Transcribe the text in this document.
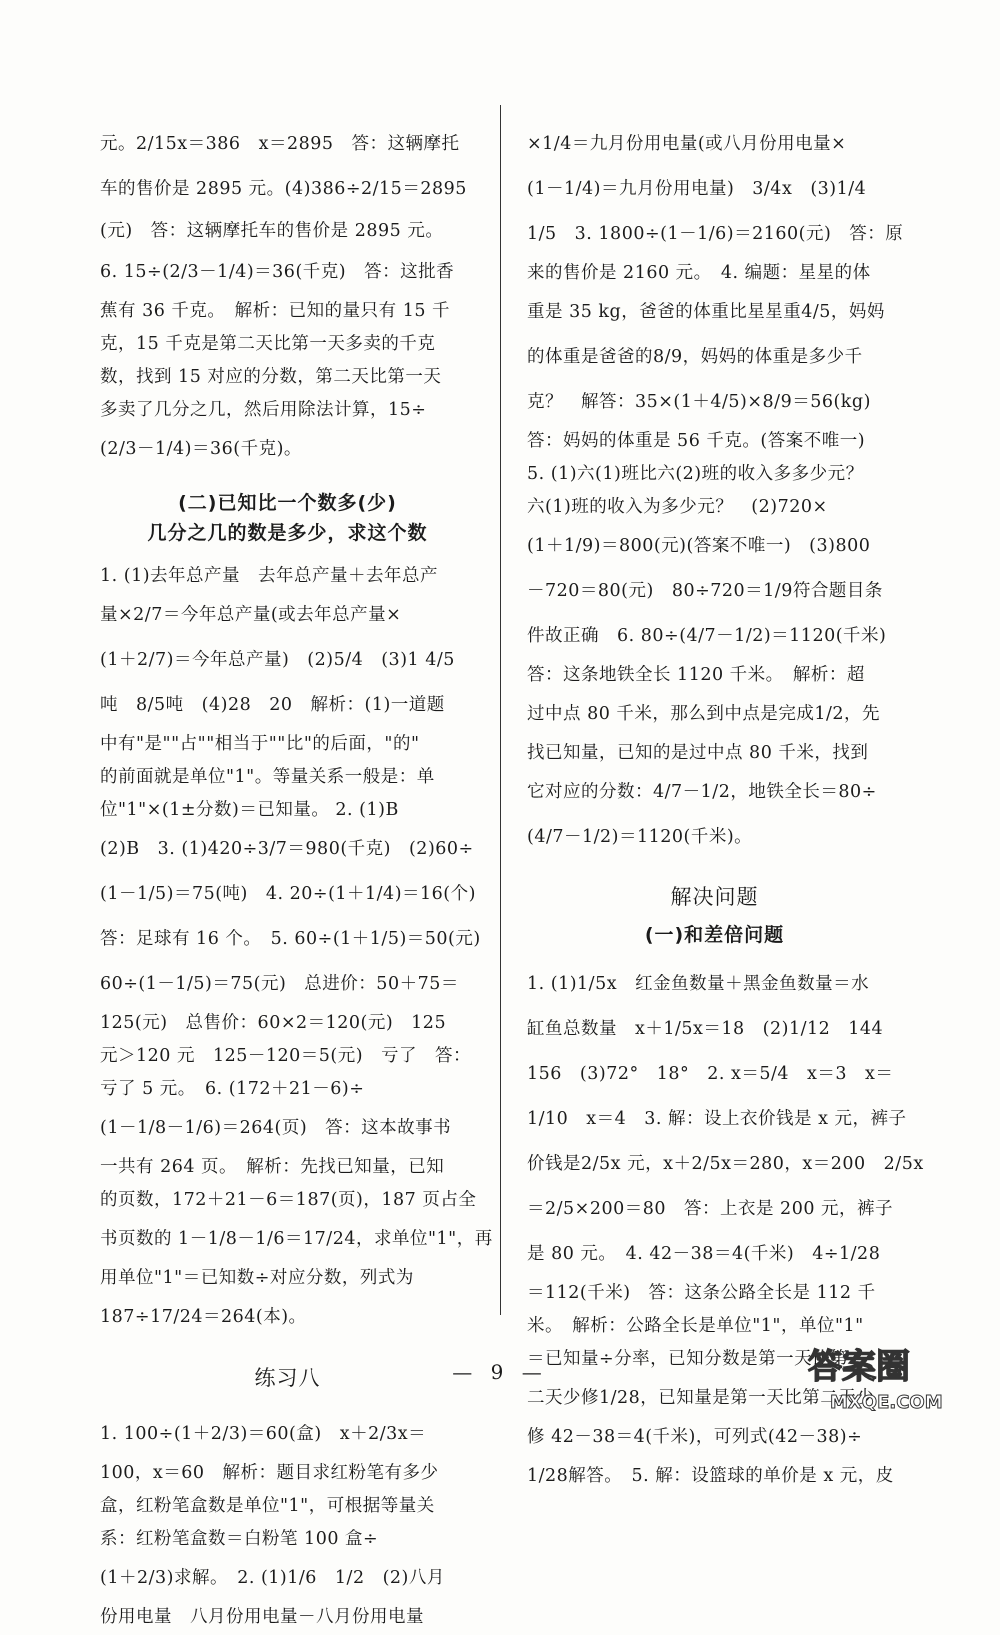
元。2/15x＝386　x＝2895　答：这辆摩托

车的售价是 2895 元。(4)386÷2/15＝2895

(元)　答：这辆摩托车的售价是 2895 元。

6. 15÷(2/3－1/4)＝36(千克)　答：这批香

蕉有 36 千克。　解析：已知的量只有 15 千

克，15 千克是第二天比第一天多卖的千克

数，找到 15 对应的分数，第二天比第一天

多卖了几分之几，然后用除法计算，15÷

(2/3－1/4)＝36(千克)。

(二)已知比一个数多(少)
几分之几的数是多少，求这个数

1. (1)去年总产量　去年总产量＋去年总产

量×2/7＝今年总产量(或去年总产量×

(1＋2/7)＝今年总产量)　(2)5/4　(3)1 4/5

吨　8/5吨　(4)28　20　解析：(1)一道题

中有"是""占""相当于""比"的后面，"的"

的前面就是单位"1"。等量关系一般是：单

位"1"×(1±分数)＝已知量。 2. (1)B

(2)B　3. (1)420÷3/7＝980(千克)　(2)60÷

(1－1/5)＝75(吨)　4. 20÷(1＋1/4)＝16(个)

答：足球有 16 个。　5. 60÷(1＋1/5)＝50(元)

60÷(1－1/5)＝75(元)　总进价：50＋75＝

125(元)　总售价：60×2＝120(元)　125

元＞120 元　125－120＝5(元)　亏了　答：

亏了 5 元。　6. (172＋21－6)÷

(1－1/8－1/6)＝264(页)　答：这本故事书

一共有 264 页。　解析：先找已知量，已知

的页数，172＋21－6＝187(页)，187 页占全

书页数的 1－1/8－1/6＝17/24，求单位"1"，再

用单位"1"＝已知数÷对应分数，列式为

187÷17/24＝264(本)。

练习八

1. 100÷(1＋2/3)＝60(盒)　x＋2/3x＝

100，x＝60　解析：题目求红粉笔有多少

盒，红粉笔盒数是单位"1"，可根据等量关

系：红粉笔盒数＝白粉笔 100 盒÷

(1＋2/3)求解。　2. (1)1/6　1/2　(2)八月

份用电量　八月份用电量－八月份用电量

×1/4＝九月份用电量(或八月份用电量×

(1－1/4)＝九月份用电量)　3/4x　(3)1/4

1/5　3. 1800÷(1－1/6)＝2160(元)　答：原

来的售价是 2160 元。　4. 编题：星星的体

重是 35 kg，爸爸的体重比星星重4/5，妈妈

的体重是爸爸的8/9，妈妈的体重是多少千

克？　解答：35×(1＋4/5)×8/9＝56(kg)

答：妈妈的体重是 56 千克。(答案不唯一)

5. (1)六(1)班比六(2)班的收入多多少元？

六(1)班的收入为多少元？　(2)720×

(1＋1/9)＝800(元)(答案不唯一)　(3)800

－720＝80(元)　80÷720＝1/9符合题目条

件故正确　6. 80÷(4/7－1/2)＝1120(千米)

答：这条地铁全长 1120 千米。　解析：超

过中点 80 千米，那么到中点是完成1/2，先

找已知量，已知的是过中点 80 千米，找到

它对应的分数：4/7－1/2，地铁全长＝80÷

(4/7－1/2)＝1120(千米)。

解决问题
(一)和差倍问题

1. (1)1/5x　红金鱼数量＋黑金鱼数量＝水

缸鱼总数量　x＋1/5x＝18　(2)1/12　144

156　(3)72°　18°　2. x＝5/4　x＝3　x＝

1/10　x＝4　3. 解：设上衣价钱是 x 元，裤子

价钱是2/5x 元，x＋2/5x＝280，x＝200　2/5x

＝2/5×200＝80　答：上衣是 200 元，裤子

是 80 元。　4. 42－38＝4(千米)　4÷1/28

＝112(千米)　答：这条公路全长是 112 千

米。　解析：公路全长是单位"1"，单位"1"

＝已知量÷分率，已知分数是第一天比第

二天少修1/28，已知量是第一天比第二天少

修 42－38＝4(千米)，可列式(42－38)÷

1/28解答。　5. 解：设篮球的单价是 x 元，皮

— 9 —	答案圈
MXQE.COM
